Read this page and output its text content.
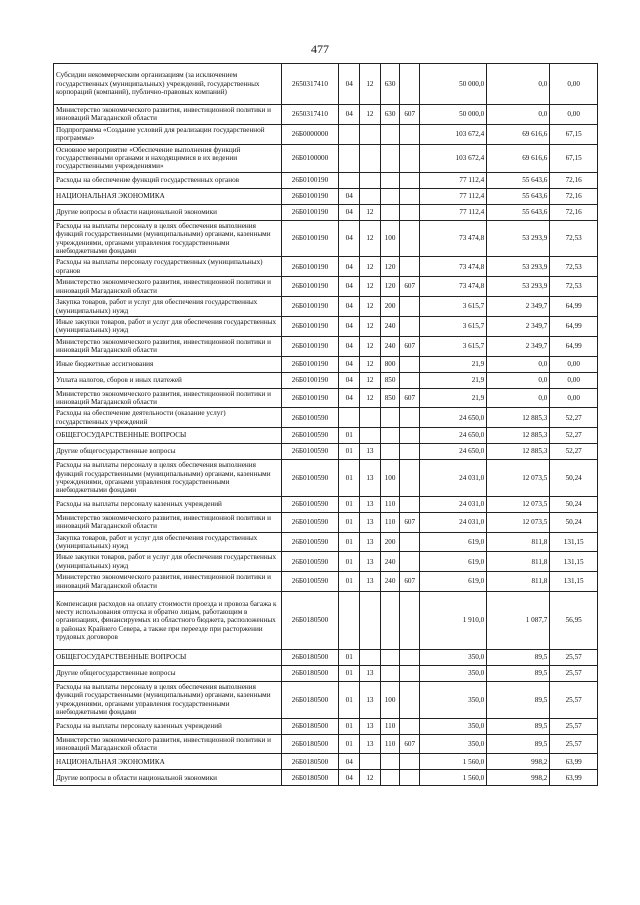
477
Субсидии некоммерческим организациям (за исключением государственных (муниципальных) учреждений, государственных корпораций (компаний), публично-правовых компаний)	2650317410	04	12	630		50 000,0	0,0	0,00
Министерство экономического развития, инвестиционной политики и инноваций Магаданской области	2650317410	04	12	630	607	50 000,0	0,0	0,00
Подпрограмма «Создание условий для реализации государственной программы»	26Б0000000					103 672,4	69 616,6	67,15
Основное мероприятие «Обеспечение выполнения функций государственными органами и находящимися в их ведении государственными учреждениями»	26Б0100000					103 672,4	69 616,6	67,15
Расходы на обеспечение функций государственных органов	26Б0100190					77 112,4	55 643,6	72,16
НАЦИОНАЛЬНАЯ ЭКОНОМИКА	26Б0100190	04				77 112,4	55 643,6	72,16
Другие вопросы в области национальной экономики	26Б0100190	04	12			77 112,4	55 643,6	72,16
Расходы на выплаты персоналу в целях обеспечения выполнения функций государственными (муниципальными) органами, казенными учреждениями, органами управления государственными внебюджетными фондами	26Б0100190	04	12	100		73 474,8	53 293,9	72,53
Расходы на выплаты персоналу государственных (муниципальных) органов	26Б0100190	04	12	120		73 474,8	53 293,9	72,53
Министерство экономического развития, инвестиционной политики и инноваций Магаданской области	26Б0100190	04	12	120	607	73 474,8	53 293,9	72,53
Закупка товаров, работ и услуг для обеспечения государственных (муниципальных) нужд	26Б0100190	04	12	200		3 615,7	2 349,7	64,99
Иные закупки товаров, работ и услуг для обеспечения государственных (муниципальных) нужд	26Б0100190	04	12	240		3 615,7	2 349,7	64,99
Министерство экономического развития, инвестиционной политики и инноваций Магаданской области	26Б0100190	04	12	240	607	3 615,7	2 349,7	64,99
Иные бюджетные ассигнования	26Б0100190	04	12	800		21,9	0,0	0,00
Уплата налогов, сборов и иных платежей	26Б0100190	04	12	850		21,9	0,0	0,00
Министерство экономического развития, инвестиционной политики и инноваций Магаданской области	26Б0100190	04	12	850	607	21,9	0,0	0,00
Расходы на обеспечение деятельности (оказание услуг) государственных учреждений	26Б0100590					24 650,0	12 885,3	52,27
ОБЩЕГОСУДАРСТВЕННЫЕ ВОПРОСЫ	26Б0100590	01				24 650,0	12 885,3	52,27
Другие общегосударственные вопросы	26Б0100590	01	13			24 650,0	12 885,3	52,27
Расходы на выплаты персоналу в целях обеспечения выполнения функций государственными (муниципальными) органами, казенными учреждениями, органами управления государственными внебюджетными фондами	26Б0100590	01	13	100		24 031,0	12 073,5	50,24
Расходы на выплаты персоналу казенных учреждений	26Б0100590	01	13	110		24 031,0	12 073,5	50,24
Министерство экономического развития, инвестиционной политики и инноваций Магаданской области	26Б0100590	01	13	110	607	24 031,0	12 073,5	50,24
Закупка товаров, работ и услуг для обеспечения государственных (муниципальных) нужд	26Б0100590	01	13	200		619,0	811,8	131,15
Иные закупки товаров, работ и услуг для обеспечения государственных (муниципальных) нужд	26Б0100590	01	13	240		619,0	811,8	131,15
Министерство экономического развития, инвестиционной политики и инноваций Магаданской области	26Б0100590	01	13	240	607	619,0	811,8	131,15
Компенсация расходов на оплату стоимости проезда и провоза багажа к месту использования отпуска и обратно лицам, работающим в организациях, финансируемых из областного бюджета, расположенных в районах Крайнего Севера, а также при переезде при расторжении трудовых договоров	26Б0180500					1 910,0	1 087,7	56,95
ОБЩЕГОСУДАРСТВЕННЫЕ ВОПРОСЫ	26Б0180500	01				350,0	89,5	25,57
Другие общегосударственные вопросы	26Б0180500	01	13			350,0	89,5	25,57
Расходы на выплаты персоналу в целях обеспечения выполнения функций государственными (муниципальными) органами, казенными учреждениями, органами управления государственными внебюджетными фондами	26Б0180500	01	13	100		350,0	89,5	25,57
Расходы на выплаты персоналу казенных учреждений	26Б0180500	01	13	110		350,0	89,5	25,57
Министерство экономического развития, инвестиционной политики и инноваций Магаданской области	26Б0180500	01	13	110	607	350,0	89,5	25,57
НАЦИОНАЛЬНАЯ ЭКОНОМИКА	26Б0180500	04				1 560,0	998,2	63,99
Другие вопросы в области национальной экономики	26Б0180500	04	12			1 560,0	998,2	63,99
